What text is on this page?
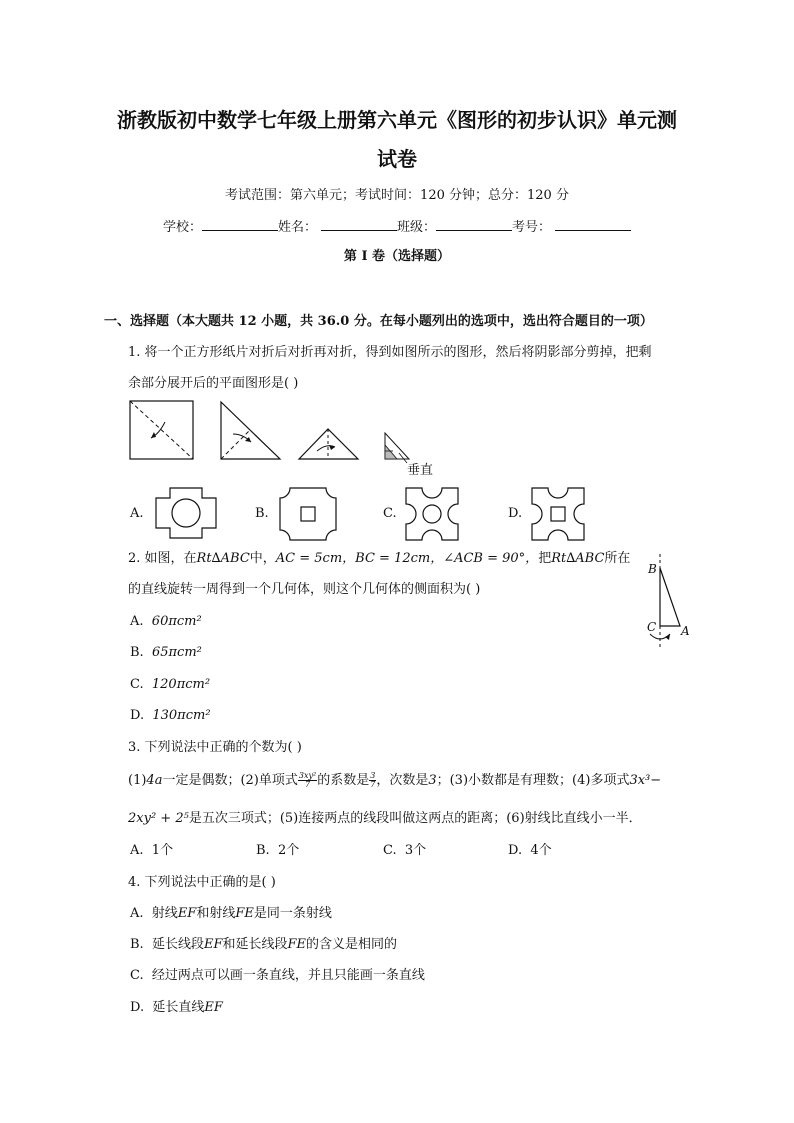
浙教版初中数学七年级上册第六单元《图形的初步认识》单元测
试卷
考试范围：第六单元；考试时间：120 分钟；总分：120 分
学校：	姓名：	班级：	考号：
第 I 卷（选择题）
一、选择题（本大题共 12 小题，共 36.0 分。在每小题列出的选项中，选出符合题目的一项）
1. 将一个正方形纸片对折后对折再对折，得到如图所示的图形，然后将阴影部分剪掉，把剩
余部分展开后的平面图形是( )
垂直
A.	B.	C.	D.
2. 如图，在Rt∆ABC中，AC = 5cm，BC = 12cm，∠ACB = 90°，把Rt∆ABC所在
的直线旋转一周得到一个几何体，则这个几何体的侧面积为( )
A. 60πcm²
B. 65πcm²
C. 120πcm²
D. 130πcm²
B
C A
3. 下列说法中正确的个数为( )
(1)4a一定是偶数；(2)单项式 $\frac{\text{3xy²}}{7}$ 的系数是 $\frac{3}{7}$ ，次数是3；(3)小数都是有理数；(4)多项式3x³−
2xy² + 2⁵是五次三项式；(5)连接两点的线段叫做这两点的距离；(6)射线比直线小一半．
A. 1个	B. 2个	C. 3个	D. 4个
4. 下列说法中正确的是( )
A. 射线EF和射线FE是同一条射线
B. 延长线段EF和延长线段FE的含义是相同的
C. 经过两点可以画一条直线，并且只能画一条直线
D. 延长直线EF
